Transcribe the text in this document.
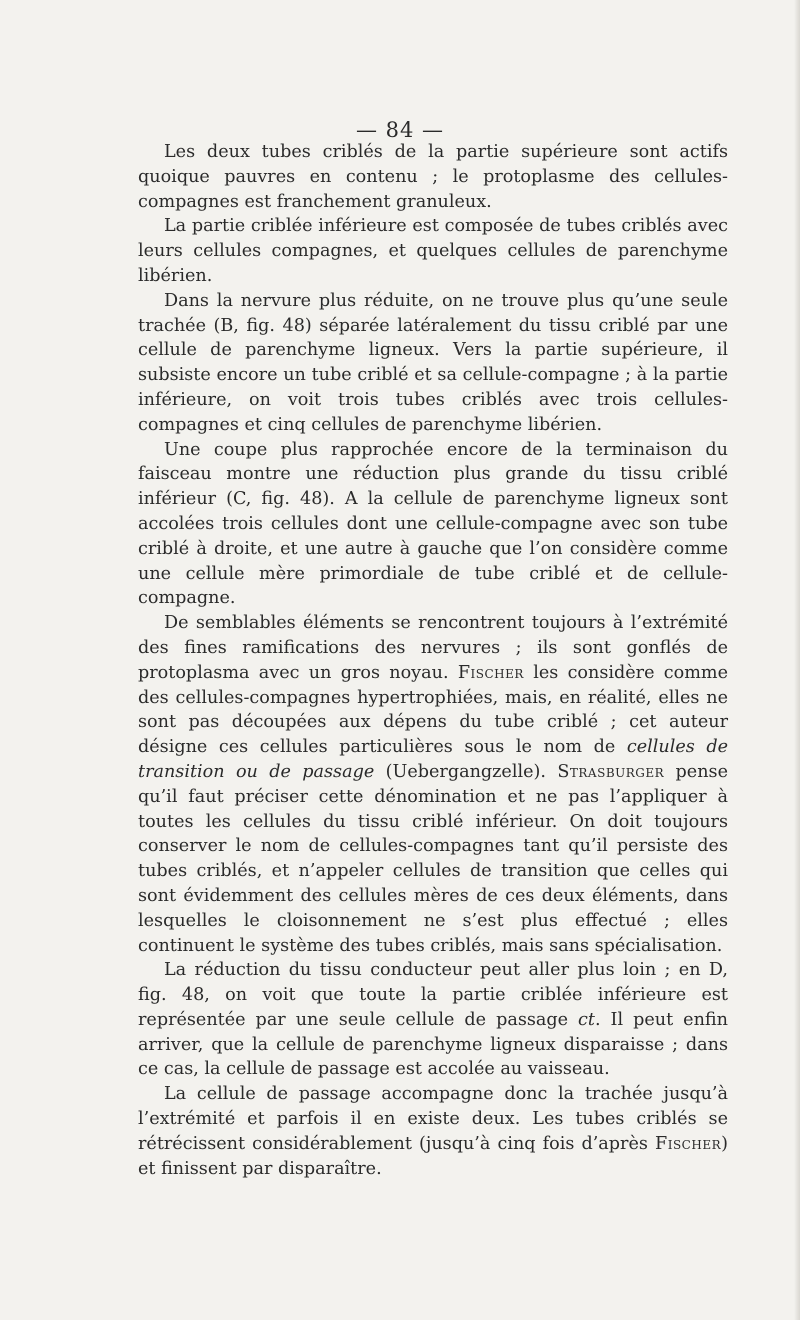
— 84 —

Les deux tubes criblés de la partie supérieure sont actifs quoique pauvres en contenu ; le protoplasme des cellules-compagnes est franchement granuleux.

La partie criblée inférieure est composée de tubes criblés avec leurs cellules compagnes, et quelques cellules de parenchyme libérien.

Dans la nervure plus réduite, on ne trouve plus qu’une seule trachée (B, fig. 48) séparée latéralement du tissu criblé par une cellule de parenchyme ligneux. Vers la partie supérieure, il subsiste encore un tube criblé et sa cellule-compagne ; à la partie inférieure, on voit trois tubes criblés avec trois cellules-compagnes et cinq cellules de parenchyme libérien.

Une coupe plus rapprochée encore de la terminaison du faisceau montre une réduction plus grande du tissu criblé inférieur (C, fig. 48). A la cellule de parenchyme ligneux sont accolées trois cellules dont une cellule-compagne avec son tube criblé à droite, et une autre à gauche que l’on considère comme une cellule mère primordiale de tube criblé et de cellule-compagne.

De semblables éléments se rencontrent toujours à l’extrémité des fines ramifications des nervures ; ils sont gonflés de protoplasma avec un gros noyau. Fischer les considère comme des cellules-compagnes hypertrophiées, mais, en réalité, elles ne sont pas découpées aux dépens du tube criblé ; cet auteur désigne ces cellules particulières sous le nom de cellules de transition ou de passage (Uebergangzelle). Strasburger pense qu’il faut préciser cette dénomination et ne pas l’appliquer à toutes les cellules du tissu criblé inférieur. On doit toujours conserver le nom de cellules-compagnes tant qu’il persiste des tubes criblés, et n’appeler cellules de transition que celles qui sont évidemment des cellules mères de ces deux éléments, dans lesquelles le cloisonnement ne s’est plus effectué ; elles continuent le système des tubes criblés, mais sans spécialisation.

La réduction du tissu conducteur peut aller plus loin ; en D, fig. 48, on voit que toute la partie criblée inférieure est représentée par une seule cellule de passage ct. Il peut enfin arriver, que la cellule de parenchyme ligneux disparaisse ; dans ce cas, la cellule de passage est accolée au vaisseau.

La cellule de passage accompagne donc la trachée jusqu’à l’extrémité et parfois il en existe deux. Les tubes criblés se rétrécissent considérablement (jusqu’à cinq fois d’après Fischer) et finissent par disparaître.
